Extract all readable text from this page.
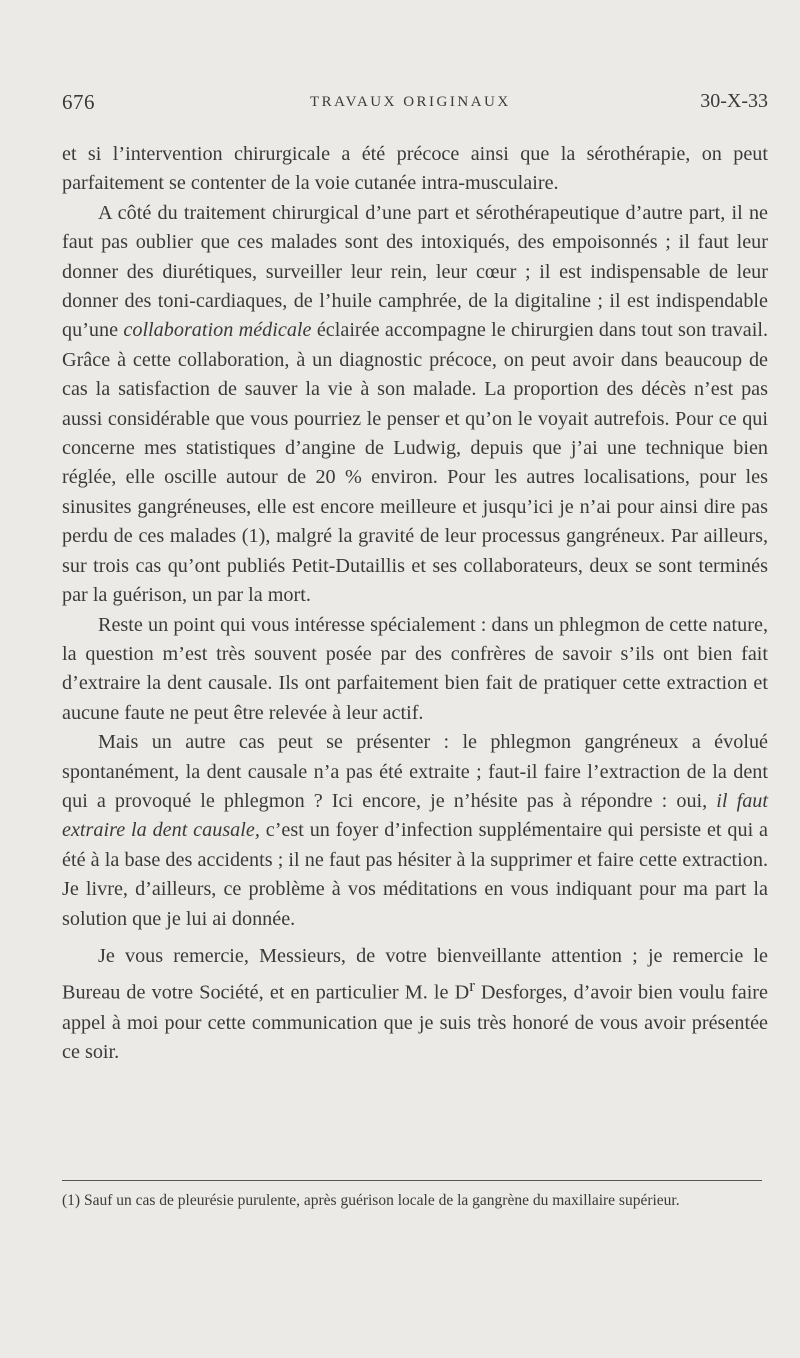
676	TRAVAUX ORIGINAUX	30-X-33

et si l’intervention chirurgicale a été précoce ainsi que la sérothérapie, on peut parfaitement se contenter de la voie cutanée intra-musculaire.

A côté du traitement chirurgical d’une part et sérothérapeutique d’autre part, il ne faut pas oublier que ces malades sont des intoxiqués, des empoisonnés ; il faut leur donner des diurétiques, surveiller leur rein, leur cœur ; il est indispensable de leur donner des toni-cardiaques, de l’huile camphrée, de la digitaline ; il est indispendable qu’une collaboration médicale éclairée accompagne le chirurgien dans tout son travail. Grâce à cette collaboration, à un diagnostic précoce, on peut avoir dans beaucoup de cas la satisfaction de sauver la vie à son malade. La proportion des décès n’est pas aussi considérable que vous pourriez le penser et qu’on le voyait autrefois. Pour ce qui concerne mes statistiques d’angine de Ludwig, depuis que j’ai une technique bien réglée, elle oscille autour de 20 % environ. Pour les autres localisations, pour les sinusites gangréneuses, elle est encore meilleure et jusqu’ici je n’ai pour ainsi dire pas perdu de ces malades (1), malgré la gravité de leur processus gangréneux. Par ailleurs, sur trois cas qu’ont publiés Petit-Dutaillis et ses collaborateurs, deux se sont terminés par la guérison, un par la mort.

Reste un point qui vous intéresse spécialement : dans un phlegmon de cette nature, la question m’est très souvent posée par des confrères de savoir s’ils ont bien fait d’extraire la dent causale. Ils ont parfaitement bien fait de pratiquer cette extraction et aucune faute ne peut être relevée à leur actif.

Mais un autre cas peut se présenter : le phlegmon gangréneux a évolué spontanément, la dent causale n’a pas été extraite ; faut-il faire l’extraction de la dent qui a provoqué le phlegmon ? Ici encore, je n’hésite pas à répondre : oui, il faut extraire la dent causale, c’est un foyer d’infection supplémentaire qui persiste et qui a été à la base des accidents ; il ne faut pas hésiter à la supprimer et faire cette extraction. Je livre, d’ailleurs, ce problème à vos méditations en vous indiquant pour ma part la solution que je lui ai donnée.

Je vous remercie, Messieurs, de votre bienveillante attention ; je remercie le Bureau de votre Société, et en particulier M. le $D^r$ Desforges, d’avoir bien voulu faire appel à moi pour cette communication que je suis très honoré de vous avoir présentée ce soir.

(1) Sauf un cas de pleurésie purulente, après guérison locale de la gangrène du maxillaire supérieur.
